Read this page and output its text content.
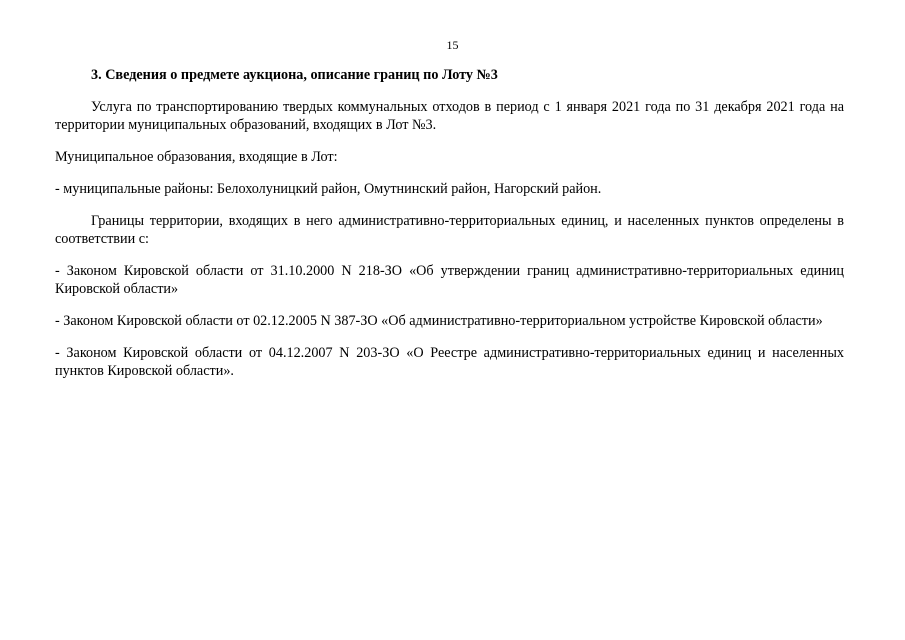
15

3. Сведения о предмете аукциона, описание границ по Лоту №3

Услуга по транспортированию твердых коммунальных отходов в период с 1 января 2021 года по 31 декабря 2021 года на территории муниципальных образований, входящих в Лот №3.

Муниципальное образования, входящие в Лот:

- муниципальные районы: Белохолуницкий район, Омутнинский район, Нагорский район.

Границы территории, входящих в него административно-территориальных единиц, и населенных пунктов определены в соответствии с:

- Законом Кировской области от 31.10.2000 N 218-ЗО «Об утверждении границ административно-территориальных единиц Кировской области»

- Законом Кировской области от 02.12.2005 N 387-ЗО «Об административно-территориальном устройстве Кировской области»

- Законом Кировской области от 04.12.2007 N 203-ЗО «О Реестре административно-территориальных единиц и населенных пунктов Кировской области».
